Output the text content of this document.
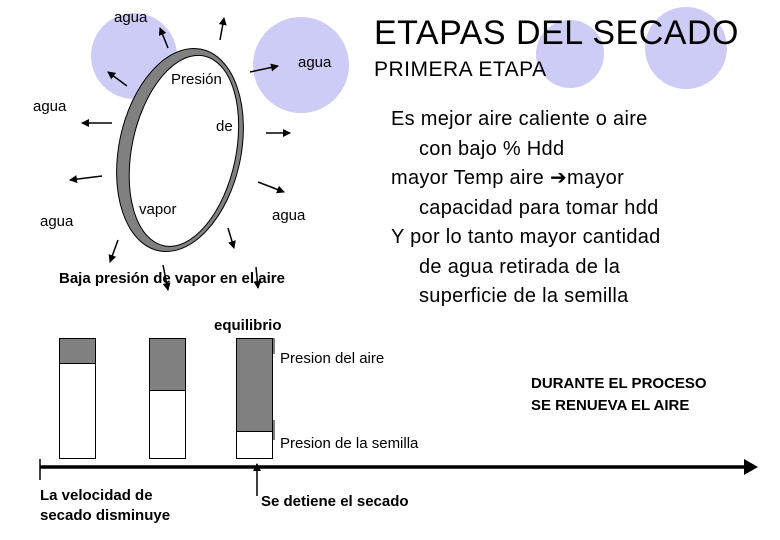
ETAPAS DEL SECADO
PRIMERA ETAPA
agua
agua
agua
agua	agua
Presión
de
vapor
Baja presión de vapor en el aire
equilibrio
Es mejor aire caliente o aire
con bajo % Hdd
mayor Temp aire ➔mayor
capacidad para tomar hdd
Y por lo tanto mayor cantidad
de agua retirada de la
superficie de la semilla
Presion del aire
Presion de la semilla
DURANTE EL PROCESO
SE RENUEVA EL AIRE
La velocidad de
secado disminuye
Se detiene el secado
